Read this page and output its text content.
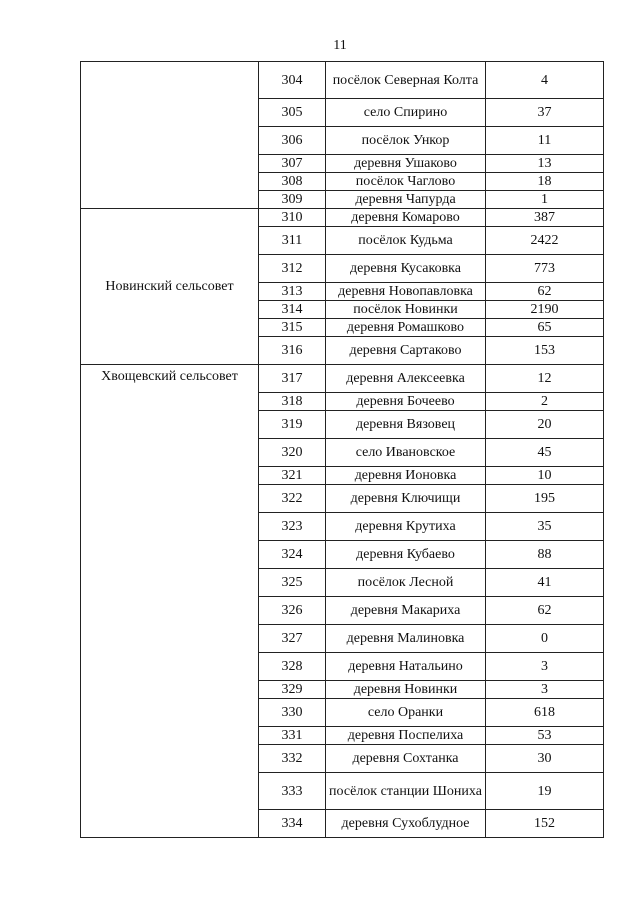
11
	304	посёлок Северная Колта	4
	305	село Спирино	37
	306	посёлок Ункор	11
	307	деревня Ушаково	13
	308	посёлок Чаглово	18
	309	деревня Чапурда	1
Новинский сельсовет	310	деревня Комарово	387
	311	посёлок Кудьма	2422
	312	деревня Кусаковка	773
	313	деревня Новопавловка	62
	314	посёлок Новинки	2190
	315	деревня Ромашково	65
	316	деревня Сартаково	153
Хвощевский сельсовет	317	деревня Алексеевка	12
	318	деревня Бочеево	2
	319	деревня Вязовец	20
	320	село Ивановское	45
	321	деревня Ионовка	10
	322	деревня Ключищи	195
	323	деревня Крутиха	35
	324	деревня Кубаево	88
	325	посёлок Лесной	41
	326	деревня Макариха	62
	327	деревня Малиновка	0
	328	деревня Натальино	3
	329	деревня Новинки	3
	330	село Оранки	618
	331	деревня Поспелиха	53
	332	деревня Сохтанка	30
	333	посёлок станции Шониха	19
	334	деревня Сухоблудное	152
